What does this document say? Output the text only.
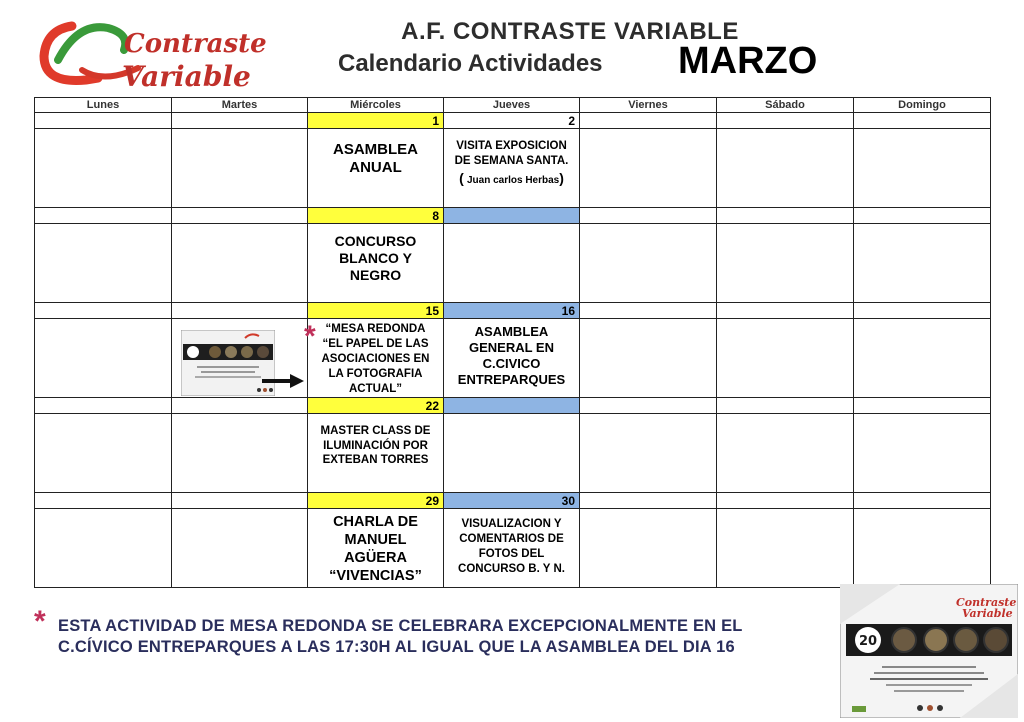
Contraste
Variable
A.F. CONTRASTE VARIABLE
Calendario Actividades MARZO
Lunes	Martes	Miércoles	Jueves	Viernes	Sábado	Domingo
		1	2			

		ASAMBLEA
ANUAL	VISITA EXPOSICION
DE SEMANA SANTA.
( Juan carlos Herbas)			

		8				

		CONCURSO
BLANCO Y
NEGRO				

		15	16			

		“MESA REDONDA
“EL PAPEL DE LAS
ASOCIACIONES EN
LA FOTOGRAFIA
ACTUAL”	ASAMBLEA
GENERAL EN
C.CIVICO
ENTREPARQUES			

		22				

		MASTER CLASS DE
ILUMINACIÓN POR
EXTEBAN TORRES				

		29	30			

		CHARLA DE
MANUEL
AGÜERA
“VIVENCIAS”	VISUALIZACION Y
COMENTARIOS DE
FOTOS DEL
CONCURSO B. Y N.			

*
* ESTA ACTIVIDAD DE MESA REDONDA SE CELEBRARA EXCEPCIONALMENTE EN EL
C.CÍVICO ENTREPARQUES A LAS 17:30H AL IGUAL QUE LA ASAMBLEA DEL DIA 16
Contraste
Variable
20
